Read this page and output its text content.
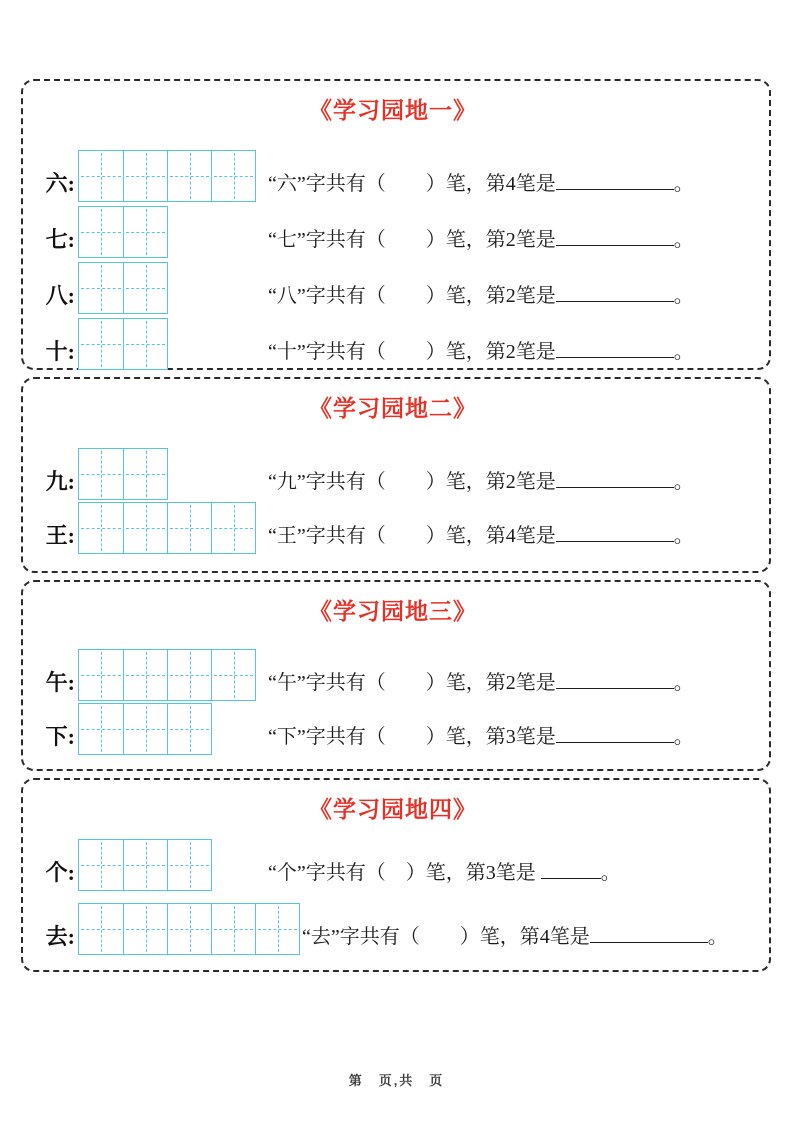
《学习园地一》
六:	“六”字共有（　　）笔，第4笔是	。
七:	“七”字共有（　　）笔，第2笔是	。
八:	“八”字共有（　　）笔，第2笔是	。
十:	“十”字共有（　　）笔，第2笔是	。
《学习园地二》
九:	“九”字共有（　　）笔，第2笔是	。
王:	“王”字共有（　　）笔，第4笔是	。
《学习园地三》
午:	“午”字共有（　　）笔，第2笔是	。
下:	“下”字共有（　　）笔，第3笔是	。
《学习园地四》
个:	“个”字共有（　）笔，第3笔是	。
去:	“去”字共有（　　）笔，第4笔是	。
第　页,共　页
